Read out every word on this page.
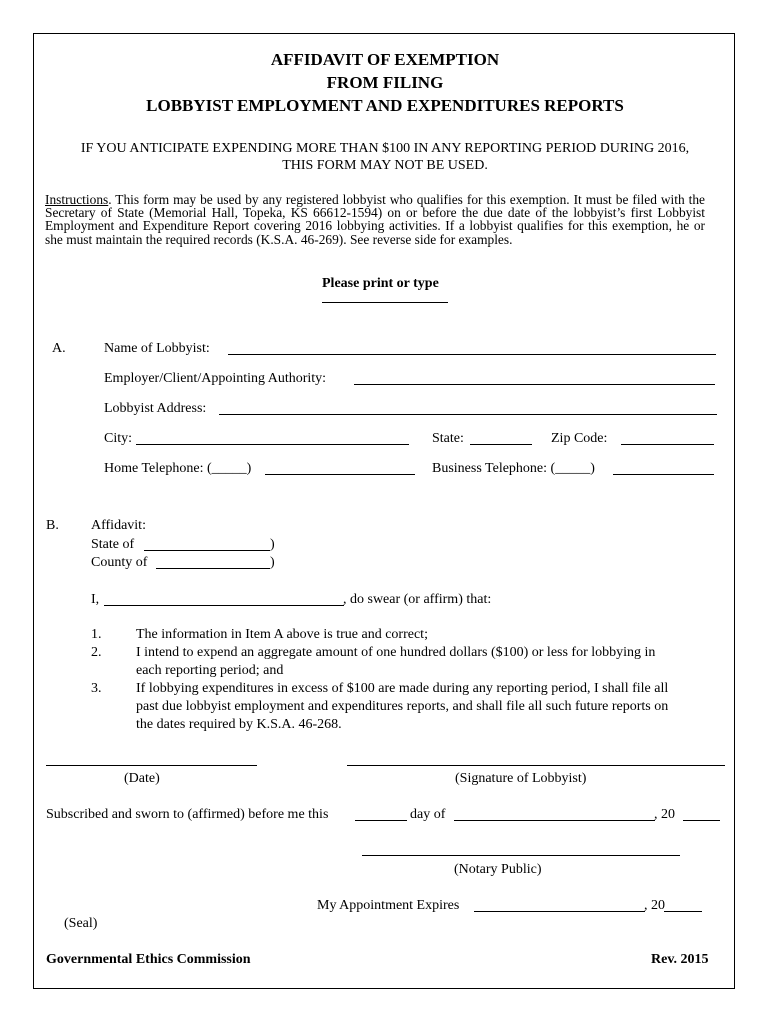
AFFIDAVIT OF EXEMPTION
FROM FILING
LOBBYIST EMPLOYMENT AND EXPENDITURES REPORTS
IF YOU ANTICIPATE EXPENDING MORE THAN $100 IN ANY REPORTING PERIOD DURING 2016,
THIS FORM MAY NOT BE USED.
Instructions. This form may be used by any registered lobbyist who qualifies for this exemption. It must be filed with the Secretary of State (Memorial Hall, Topeka, KS 66612-1594) on or before the due date of the lobbyist’s first Lobbyist Employment and Expenditure Report covering 2016 lobbying activities. If a lobbyist qualifies for this exemption, he or she must maintain the required records (K.S.A. 46-269). See reverse side for examples.
Please print or type
A.	Name of Lobbyist:
Employer/Client/Appointing Authority:
Lobbyist Address:
City:	State:	Zip Code:
Home Telephone: (_____)	Business Telephone: (_____)
B. Affidavit:
State of	)
County of	)
I,	, do swear (or affirm) that:
1. The information in Item A above is true and correct;
2. I intend to expend an aggregate amount of one hundred dollars ($100) or less for lobbying in
each reporting period; and
3. If lobbying expenditures in excess of $100 are made during any reporting period, I shall file all
past due lobbyist employment and expenditures reports, and shall file all such future reports on
the dates required by K.S.A. 46-268.
(Date)	(Signature of Lobbyist)
Subscribed and sworn to (affirmed) before me this	day of	, 20
(Notary Public)
My Appointment Expires	, 20
(Seal)
Governmental Ethics Commission	Rev. 2015
